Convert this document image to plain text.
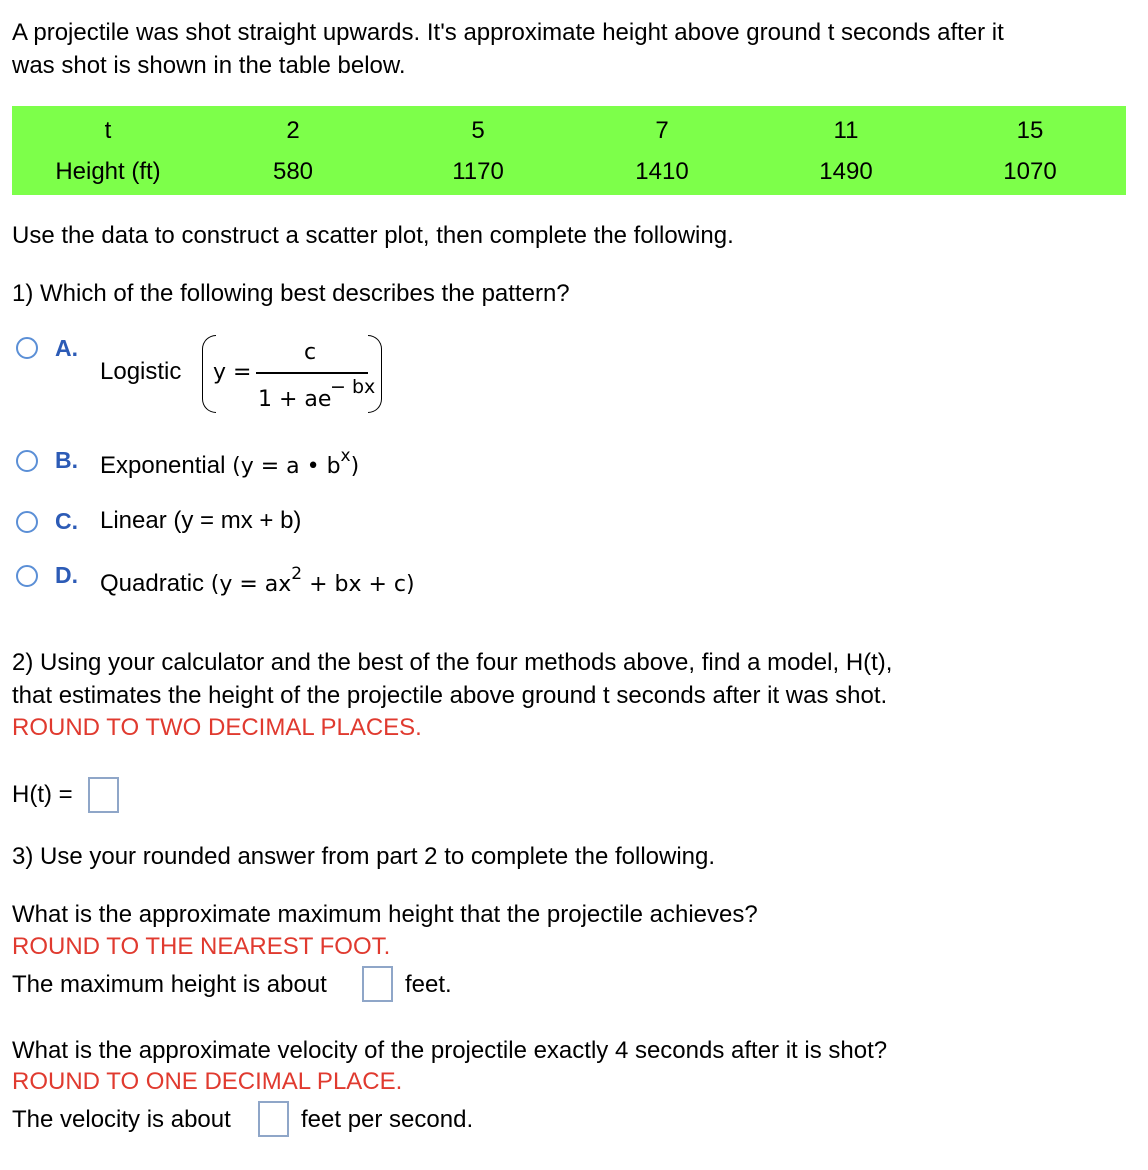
A projectile was shot straight upwards. It's approximate height above ground t seconds after it
was shot is shown in the table below.
t	2	5	7	11	15
Height (ft)	580	1170	1410	1490	1070
Use the data to construct a scatter plot, then complete the following.
1) Which of the following best describes the pattern?
A.
Logistic y =
c
1 + ae
− bx
B. Exponential (y = a • $b^x$)
C. Linear (y = mx + b)
D. Quadratic ($y = ax^2$ + bx + c)
2) Using your calculator and the best of the four methods above, find a model, H(t),
that estimates the height of the projectile above ground t seconds after it was shot.
ROUND TO TWO DECIMAL PLACES.
H(t) =
3) Use your rounded answer from part 2 to complete the following.
What is the approximate maximum height that the projectile achieves?
ROUND TO THE NEAREST FOOT.
The maximum height is about	feet.
What is the approximate velocity of the projectile exactly 4 seconds after it is shot?
ROUND TO ONE DECIMAL PLACE.
The velocity is about	feet per second.
